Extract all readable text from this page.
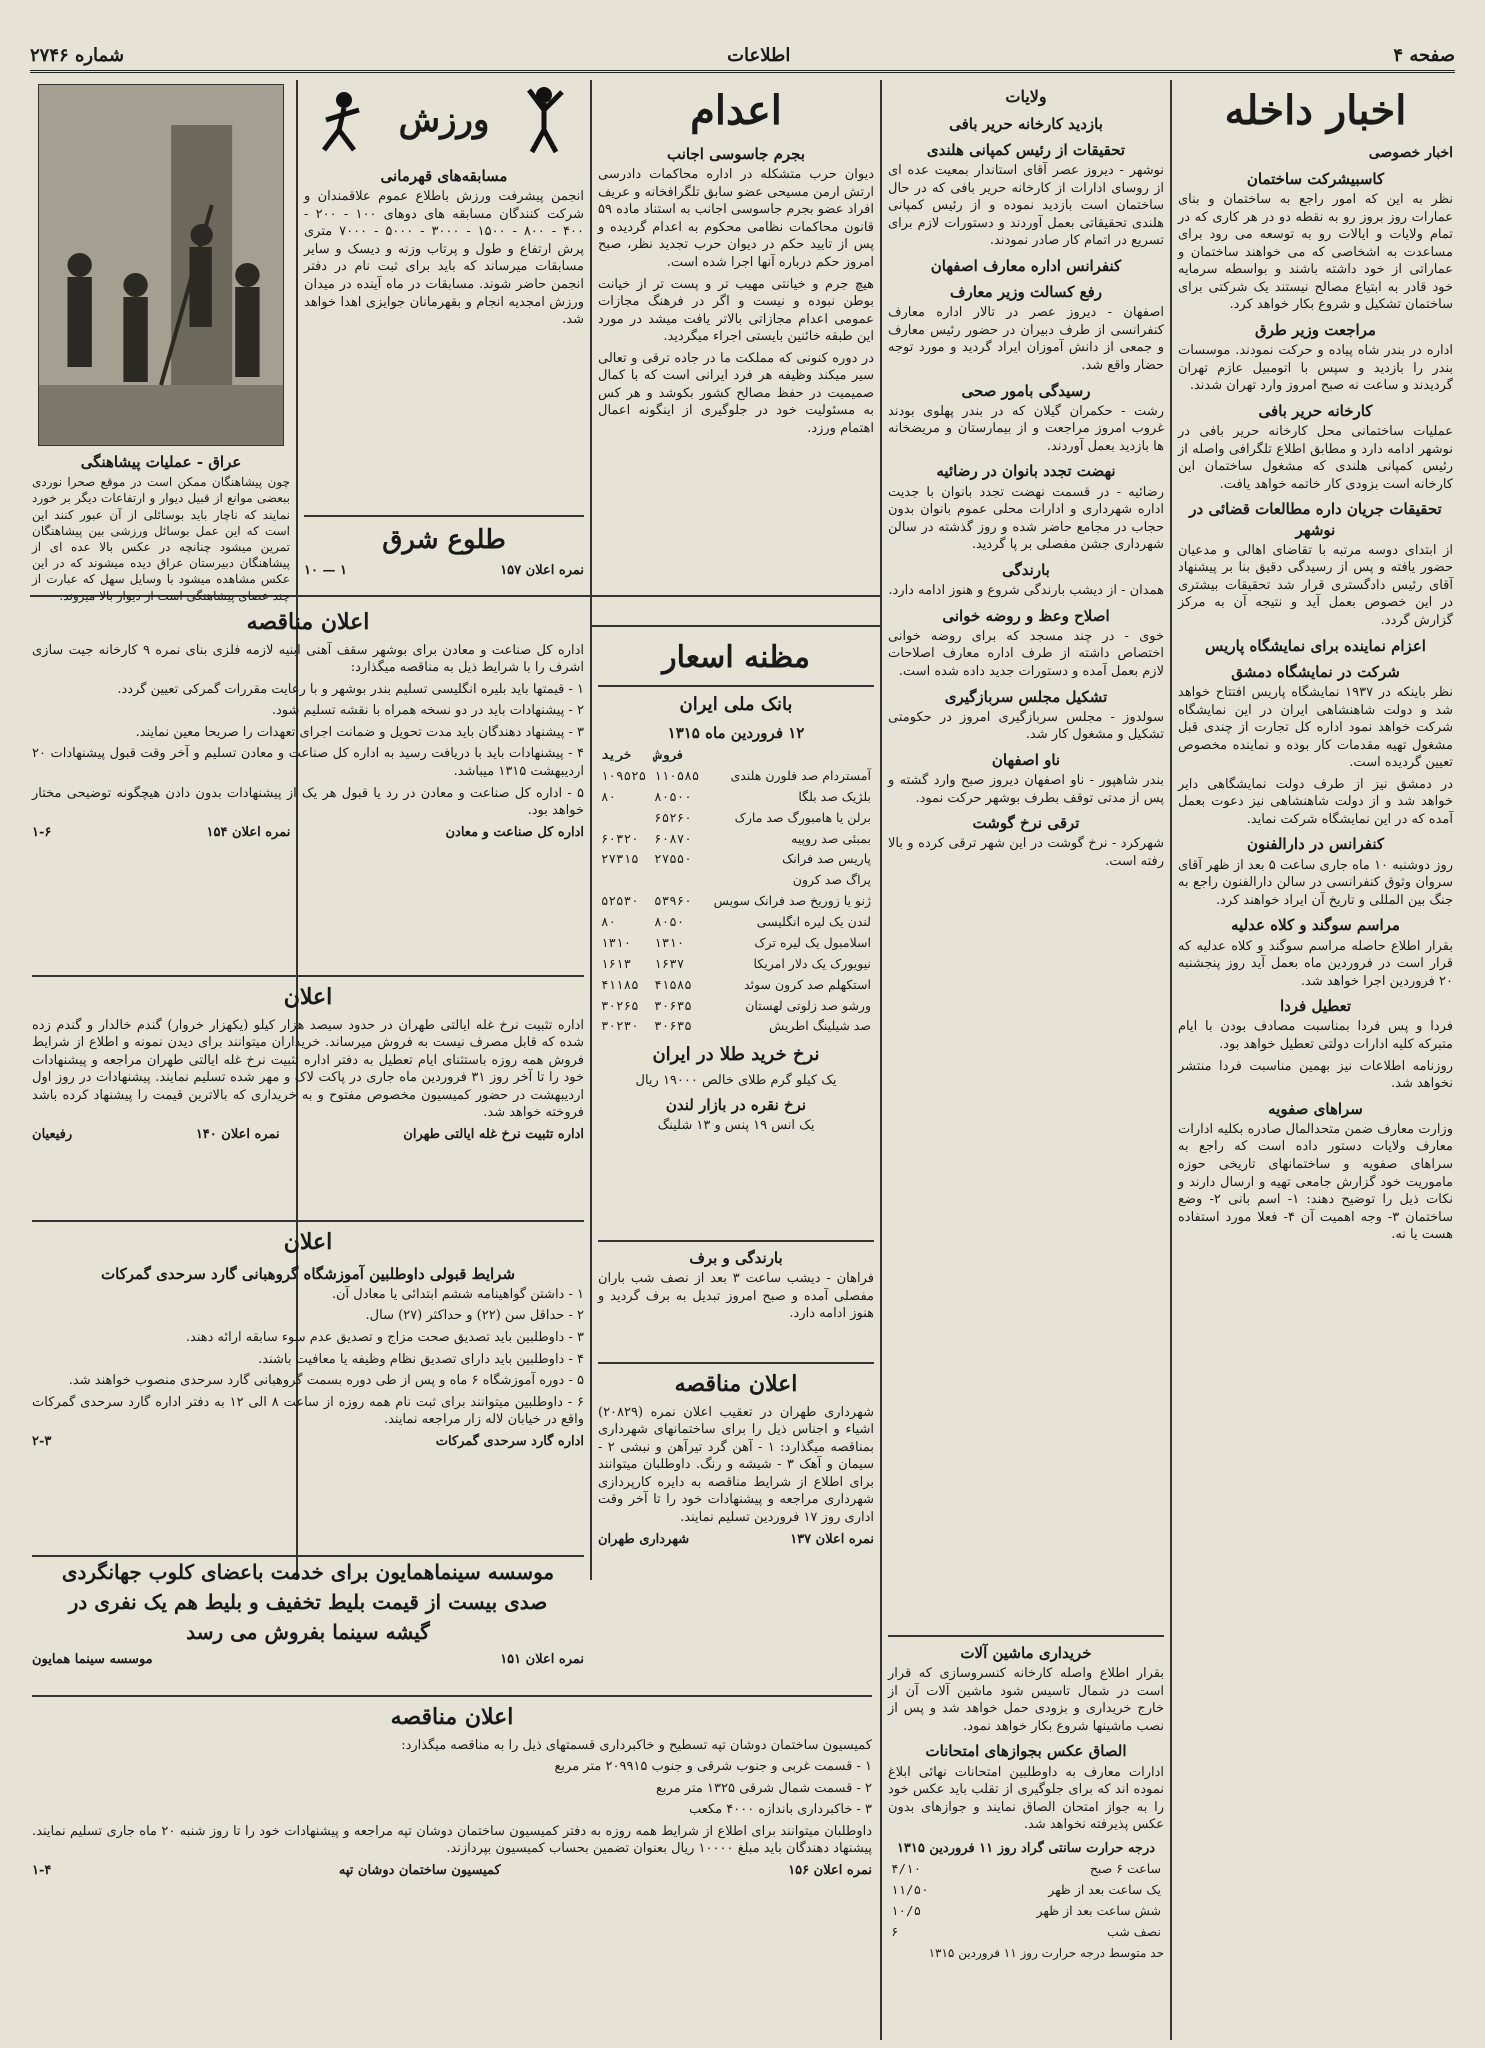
صفحه ۴
اطلاعات
شماره ۲۷۴۶
اخبار داخله
اخبار خصوصی
کاسبیشرکت ساختمان

نظر به این که امور راجع به ساختمان و بنای عمارات روز بروز رو به نقطه دو در هر کاری که در تمام ولایات و ایالات رو به توسعه می رود برای مساعدت به اشخاصی که می خواهند ساختمان و عماراتی از خود داشته باشند و بواسطه سرمایه خود قادر به ابتیاع مصالح نیستند یک شرکتی برای ساختمان تشکیل و شروع بکار خواهد کرد.

مراجعت وزیر طرق

اداره در بندر شاه پیاده و حرکت نمودند. موسسات بندر را بازدید و سپس با اتومبیل عازم تهران گردیدند و ساعت نه صبح امروز وارد تهران شدند.

کارخانه حریر بافی

عملیات ساختمانی محل کارخانه حریر بافی در نوشهر ادامه دارد و مطابق اطلاع تلگرافی واصله از رئیس کمپانی هلندی که مشغول ساختمان این کارخانه است بزودی کار خاتمه خواهد یافت.

تحقیقات جریان داره مطالعات قضائی در نوشهر

از ابتدای دوسه مرتبه با تقاضای اهالی و مدعیان حضور یافته و پس از رسیدگی دقیق بنا بر پیشنهاد آقای رئیس دادگستری قرار شد تحقیقات بیشتری در این خصوص بعمل آید و نتیجه آن به مرکز گزارش گردد.

اعزام نماینده برای نمایشگاه پاریس
شرکت در نمایشگاه دمشق

نظر باینکه در ۱۹۳۷ نمایشگاه پاریس افتتاح خواهد شد و دولت شاهنشاهی ایران در این نمایشگاه شرکت خواهد نمود اداره کل تجارت از چندی قبل مشغول تهیه مقدمات کار بوده و نماینده مخصوص تعیین گردیده است.

در دمشق نیز از طرف دولت نمایشگاهی دایر خواهد شد و از دولت شاهنشاهی نیز دعوت بعمل آمده که در این نمایشگاه شرکت نماید.

کنفرانس در دارالفنون

روز دوشنبه ۱۰ ماه جاری ساعت ۵ بعد از ظهر آقای سروان وثوق کنفرانسی در سالن دارالفنون راجع به جنگ بین المللی و تاریخ آن ایراد خواهند کرد.

مراسم سوگند و کلاه عدلیه

بقرار اطلاع حاصله مراسم سوگند و کلاه عدلیه که قرار است در فروردین ماه بعمل آید روز پنجشنبه ۲۰ فروردین اجرا خواهد شد.

تعطیل فردا

فردا و پس فردا بمناسبت مصادف بودن با ایام متبرکه کلیه ادارات دولتی تعطیل خواهد بود.

روزنامه اطلاعات نیز بهمین مناسبت فردا منتشر نخواهد شد.

سراهای صفویه

وزارت معارف ضمن متحدالمال صادره بکلیه ادارات معارف ولایات دستور داده است که راجع به سراهای صفویه و ساختمانهای تاریخی حوزه ماموریت خود گزارش جامعی تهیه و ارسال دارند و نکات ذیل را توضیح دهند: ۱- اسم بانی ۲- وضع ساختمان ۳- وجه اهمیت آن ۴- فعلا مورد استفاده هست یا نه.

ولایات
بازدید کارخانه حریر بافی
تحقیقات از رئیس کمپانی هلندی

نوشهر - دیروز عصر آقای استاندار بمعیت عده ای از روسای ادارات از کارخانه حریر بافی که در حال ساختمان است بازدید نموده و از رئیس کمپانی هلندی تحقیقاتی بعمل آوردند و دستورات لازم برای تسریع در اتمام کار صادر نمودند.

کنفرانس اداره معارف اصفهان
رفع کسالت وزیر معارف

اصفهان - دیروز عصر در تالار اداره معارف کنفرانسی از طرف دبیران در حضور رئیس معارف و جمعی از دانش آموزان ایراد گردید و مورد توجه حضار واقع شد.

رسیدگی بامور صحی

رشت - حکمران گیلان که در بندر پهلوی بودند غروب امروز مراجعت و از بیمارستان و مریضخانه ها بازدید بعمل آوردند.

نهضت تجدد بانوان در رضائیه

رضائیه - در قسمت نهضت تجدد بانوان با جدیت اداره شهرداری و ادارات محلی عموم بانوان بدون حجاب در مجامع حاضر شده و روز گذشته در سالن شهرداری جشن مفصلی بر پا گردید.

بارندگی

همدان - از دیشب بارندگی شروع و هنوز ادامه دارد.

اصلاح وعظ و روضه خوانی

خوی - در چند مسجد که برای روضه خوانی اختصاص داشته از طرف اداره معارف اصلاحات لازم بعمل آمده و دستورات جدید داده شده است.

تشکیل مجلس سربازگیری

سولدوز - مجلس سربازگیری امروز در حکومتی تشکیل و مشغول کار شد.

ناو اصفهان

بندر شاهپور - ناو اصفهان دیروز صبح وارد گشته و پس از مدتی توقف بطرف بوشهر حرکت نمود.

ترقی نرخ گوشت

شهرکرد - نرخ گوشت در این شهر ترقی کرده و بالا رفته است.

خریداری ماشین آلات

بقرار اطلاع واصله کارخانه کنسروسازی که قرار است در شمال تاسیس شود ماشین آلات آن از خارج خریداری و بزودی حمل خواهد شد و پس از نصب ماشینها شروع بکار خواهد نمود.

الصاق عکس بجوازهای امتحانات

ادارات معارف به داوطلبین امتحانات نهائی ابلاغ نموده اند که برای جلوگیری از تقلب باید عکس خود را به جواز امتحان الصاق نمایند و جوازهای بدون عکس پذیرفته نخواهد شد.

درجه حرارت سانتی گراد روز ۱۱ فروردین ۱۳۱۵
ساعت ۶ صبح	۴/۱۰
یک ساعت بعد از ظهر	۱۱/۵۰
شش ساعت بعد از ظهر	۱۰/۵
نصف شب	۶

حد متوسط درجه حرارت روز ۱۱ فروردین ۱۳۱۵

اعدام
بجرم جاسوسی اجانب

دیوان حرب متشکله در اداره محاکمات دادرسی ارتش ارمن مسیحی عضو سابق تلگرافخانه و عریف افراد عضو بجرم جاسوسی اجانب به استناد ماده ۵۹ قانون محاکمات نظامی محکوم به اعدام گردیده و پس از تایید حکم در دیوان حرب تجدید نظر، صبح امروز حکم درباره آنها اجرا شده است.

هیچ جرم و خیانتی مهیب تر و پست تر از خیانت بوطن نبوده و نیست و اگر در فرهنگ مجازات عمومی اعدام مجازاتی بالاتر یافت میشد در مورد این طبقه خائنین بایستی اجراء میگردید.

در دوره کنونی که مملکت ما در جاده ترقی و تعالی سیر میکند وظیفه هر فرد ایرانی است که با کمال صمیمیت در حفظ مصالح کشور بکوشد و هر کس به مسئولیت خود در جلوگیری از اینگونه اعمال اهتمام ورزد.

مظنه اسعار
بانک ملی ایران
۱۲ فروردین ماه ۱۳۱۵
	فروش	خرید
آمستردام صد فلورن هلندی	۱۱۰۵۸۵	۱۰۹۵۲۵
بلژیک صد بلگا	۸۰۵۰۰	۸۰
برلن یا هامبورگ صد مارک	۶۵۲۶۰	
بمبئی صد روپیه	۶۰۸۷۰	۶۰۳۲۰
پاریس صد فرانک	۲۷۵۵۰	۲۷۳۱۵
پراگ صد کرون		
ژنو یا زوریخ صد فرانک سویس	۵۳۹۶۰	۵۲۵۳۰
لندن یک لیره انگلیسی	۸۰۵۰	۸۰
اسلامبول یک لیره ترک	۱۳۱۰	۱۳۱۰
نیویورک یک دلار امریکا	۱۶۳۷	۱۶۱۳
استکهلم صد کرون سوئد	۴۱۵۸۵	۴۱۱۸۵
ورشو صد زلوتی لهستان	۳۰۶۳۵	۳۰۲۶۵
صد شیلینگ اطریش	۳۰۶۳۵	۳۰۲۳۰
نرخ خرید طلا در ایران

یک کیلو گرم طلای خالص ۱۹۰۰۰ ریال

نرخ نقره در بازار لندن

یک انس ۱۹ پنس و ۱۳ شلینگ

بارندگی و برف

فراهان - دیشب ساعت ۳ بعد از نصف شب باران مفصلی آمده و صبح امروز تبدیل به برف گردید و هنوز ادامه دارد.

اعلان مناقصه

شهرداری طهران در تعقیب اعلان نمره (۲۰۸۲۹) اشیاء و اجناس ذیل را برای ساختمانهای شهرداری بمناقصه میگذارد: ۱ - آهن گرد تیرآهن و نبشی ۲ - سیمان و آهک ۳ - شیشه و رنگ. داوطلبان میتوانند برای اطلاع از شرایط مناقصه به دایره کارپردازی شهرداری مراجعه و پیشنهادات خود را تا آخر وقت اداری روز ۱۷ فروردین تسلیم نمایند.

نمره اعلان ۱۳۷
شهرداری طهران
ورزش
مسابقه‌های قهرمانی

انجمن پیشرفت ورزش باطلاع عموم علاقمندان و شرکت کنندگان مسابقه های دوهای ۱۰۰ - ۲۰۰ - ۴۰۰ - ۸۰۰ - ۱۵۰۰ - ۳۰۰۰ - ۵۰۰۰ - ۷۰۰۰ متری پرش ارتفاع و طول و پرتاب وزنه و دیسک و سایر مسابقات میرساند که باید برای ثبت نام در دفتر انجمن حاضر شوند. مسابقات در ماه آینده در میدان ورزش امجدیه انجام و بقهرمانان جوایزی اهدا خواهد شد.

طلوع شرق
نمره اعلان ۱۵۷
۱ — ۱۰
عراق - عملیات پیشاهنگی

چون پیشاهنگان ممکن است در موقع صحرا نوردی ببعضی موانع از قبیل دیوار و ارتفاعات دیگر بر خورد نمایند که ناچار باید بوسائلی از آن عبور کنند این است که این عمل بوسائل ورزشی بین پیشاهنگان تمرین میشود چنانچه در عکس بالا عده ای از پیشاهنگان دبیرستان عراق دیده میشوند که در این عکس مشاهده میشود با وسایل سهل که عبارت از چند عصای پیشاهنگی است از دیوار بالا میروند.

اعلان مناقصه

اداره کل صناعت و معادن برای بوشهر سقف آهنی ابنیه لازمه فلزی بنای نمره ۹ کارخانه جیت سازی اشرف را با شرایط ذیل به مناقصه میگذارد:

۱ - قیمتها باید بلیره انگلیسی تسلیم بندر بوشهر و با رعایت مقررات گمرکی تعیین گردد.

۲ - پیشنهادات باید در دو نسخه همراه با نقشه تسلیم شود.

۳ - پیشنهاد دهندگان باید مدت تحویل و ضمانت اجرای تعهدات را صریحا معین نمایند.

۴ - پیشنهادات باید با دریافت رسید به اداره کل صناعت و معادن تسلیم و آخر وقت قبول پیشنهادات ۲۰ اردیبهشت ۱۳۱۵ میباشد.

۵ - اداره کل صناعت و معادن در رد یا قبول هر یک از پیشنهادات بدون دادن هیچگونه توضیحی مختار خواهد بود.

اداره کل صناعت و معادن
نمره اعلان ۱۵۴
۱-۶
اعلان

اداره تثبیت نرخ غله ایالتی طهران در حدود سیصد هزار کیلو (یکهزار خروار) گندم خالدار و گندم زده شده که قابل مصرف نیست به فروش میرساند. خریداران میتوانند برای دیدن نمونه و اطلاع از شرایط فروش همه روزه باستثنای ایام تعطیل به دفتر اداره تثبیت نرخ غله ایالتی طهران مراجعه و پیشنهادات خود را تا آخر روز ۳۱ فروردین ماه جاری در پاکت لاک و مهر شده تسلیم نمایند. پیشنهادات در روز اول اردیبهشت در حضور کمیسیون مخصوص مفتوح و به خریداری که بالاترین قیمت را پیشنهاد کرده باشد فروخته خواهد شد.

اداره تثبیت نرخ غله ایالتی طهران
نمره اعلان ۱۴۰
رفیعیان
اعلان
شرایط قبولی داوطلبین آموزشگاه گروهبانی گارد سرحدی گمرکات

۱ - داشتن گواهینامه ششم ابتدائی یا معادل آن.

۲ - حداقل سن (۲۲) و حداکثر (۲۷) سال.

۳ - داوطلبین باید تصدیق صحت مزاج و تصدیق عدم سوء سابقه ارائه دهند.

۴ - داوطلبین باید دارای تصدیق نظام وظیفه یا معافیت باشند.

۵ - دوره آموزشگاه ۶ ماه و پس از طی دوره بسمت گروهبانی گارد سرحدی منصوب خواهند شد.

۶ - داوطلبین میتوانند برای ثبت نام همه روزه از ساعت ۸ الی ۱۲ به دفتر اداره گارد سرحدی گمرکات واقع در خیابان لاله زار مراجعه نمایند.

اداره گارد سرحدی گمرکات
۲-۳
موسسه سینماهمایون برای خدمت باعضای کلوب جهانگردی
صدی بیست از قیمت بلیط تخفیف و بلیط هم یک نفری در
گیشه سینما بفروش می رسد
نمره اعلان ۱۵۱
موسسه سینما همایون
اعلان مناقصه

کمیسیون ساختمان دوشان تپه تسطیح و خاکبرداری قسمتهای ذیل را به مناقصه میگذارد:

۱ - قسمت غربی و جنوب شرقی و جنوب ۲۰۹۹۱۵ متر مربع

۲ - قسمت شمال شرقی ۱۳۲۵ متر مربع

۳ - خاکبرداری باندازه ۴۰۰۰ مکعب

داوطلبان میتوانند برای اطلاع از شرایط همه روزه به دفتر کمیسیون ساختمان دوشان تپه مراجعه و پیشنهادات خود را تا روز شنبه ۲۰ ماه جاری تسلیم نمایند. پیشنهاد دهندگان باید مبلغ ۱۰۰۰۰ ریال بعنوان تضمین بحساب کمیسیون بپردازند.

نمره اعلان ۱۵۶
کمیسیون ساختمان دوشان تپه
۱-۴
